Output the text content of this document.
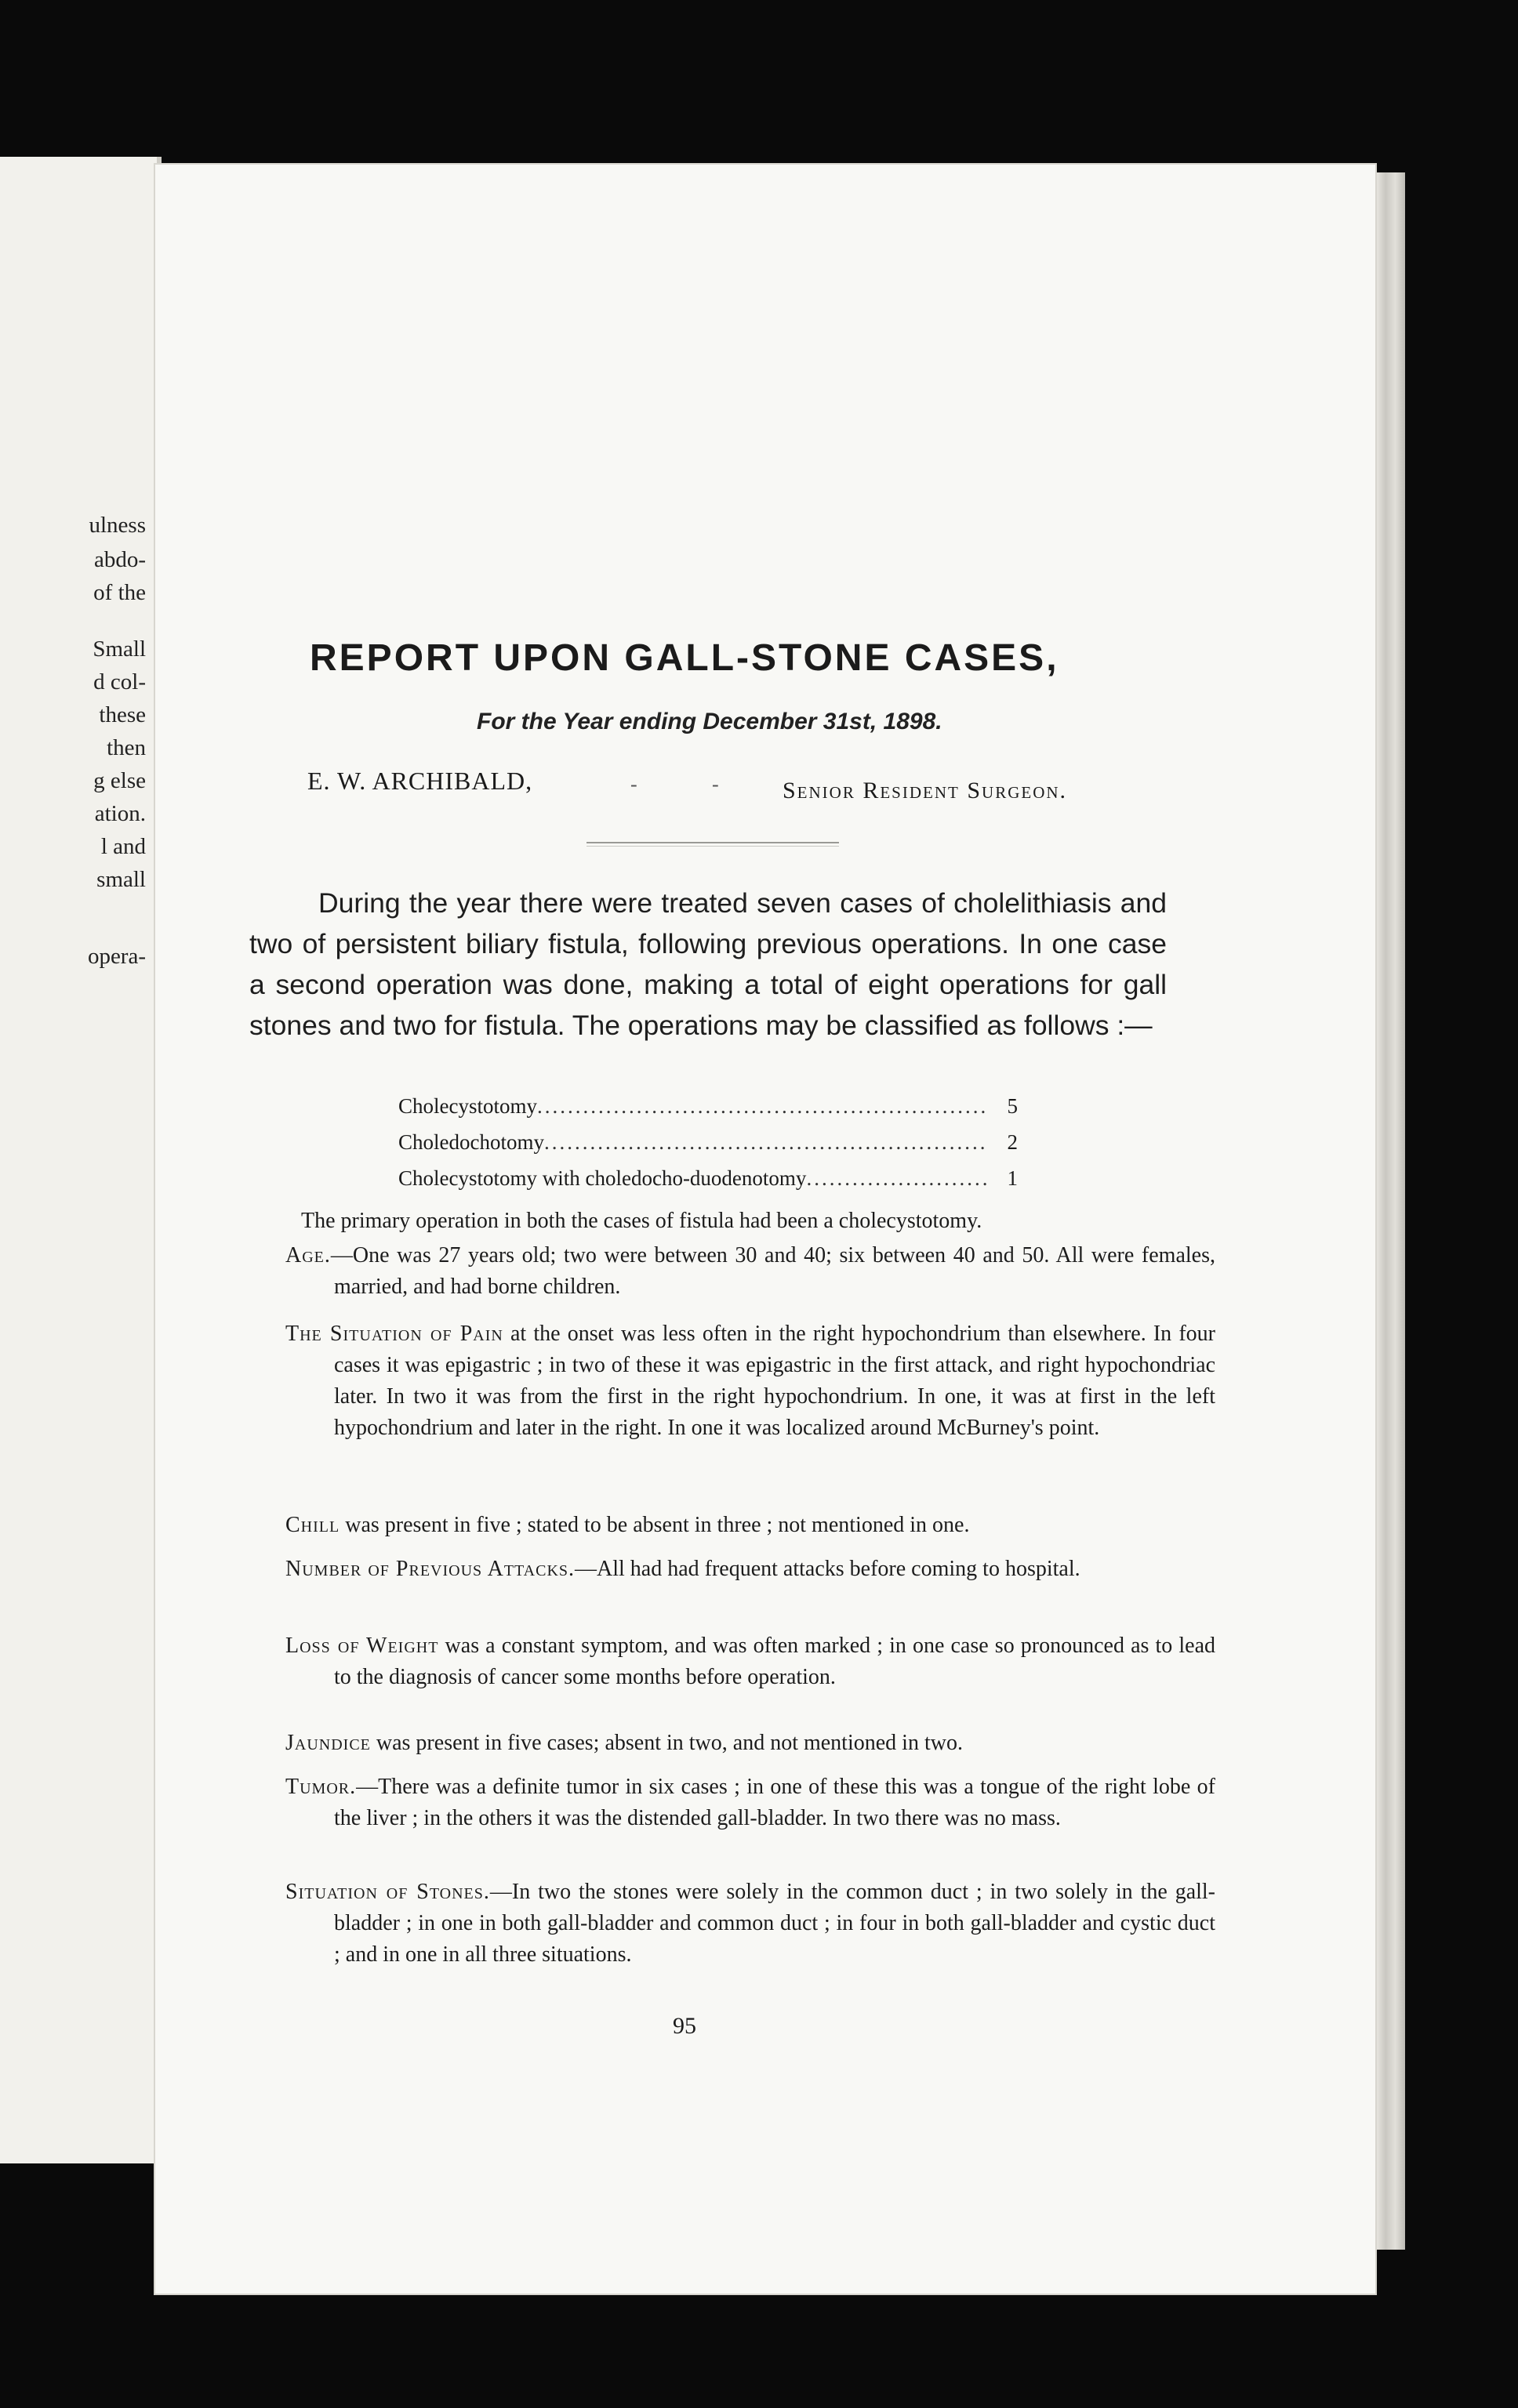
ulness
abdo-
of the
Small
d col-
these
then
g else
ation.
l and
small
opera-
REPORT UPON GALL-STONE CASES,
For the Year ending December 31st, 1898.
E. W. ARCHIBALD,	-	-	Senior Resident Surgeon.
During the year there were treated seven cases of cholelithiasis and two of persistent biliary fistula, following previous operations. In one case a second operation was done, making a total of eight operations for gall stones and two for fistula. The operations may be classified as follows :—
Cholecystotomy .....	5
Choledochotomy .....	2
Cholecystotomy with choledocho-duodenotomy .....	1
The primary operation in both the cases of fistula had been a cholecystotomy.
Age.—One was 27 years old; two were between 30 and 40; six between 40 and 50. All were females, married, and had borne children.
The Situation of Pain at the onset was less often in the right hypochondrium than elsewhere. In four cases it was epigastric ; in two of these it was epigastric in the first attack, and right hypochondriac later. In two it was from the first in the right hypochondrium. In one, it was at first in the left hypochondrium and later in the right. In one it was localized around McBurney's point.
Chill was present in five ; stated to be absent in three ; not mentioned in one.
Number of Previous Attacks.—All had had frequent attacks before coming to hospital.
Loss of Weight was a constant symptom, and was often marked ; in one case so pronounced as to lead to the diagnosis of cancer some months before operation.
Jaundice was present in five cases; absent in two, and not mentioned in two.
Tumor.—There was a definite tumor in six cases ; in one of these this was a tongue of the right lobe of the liver ; in the others it was the distended gall-bladder. In two there was no mass.
Situation of Stones.—In two the stones were solely in the common duct ; in two solely in the gall-bladder ; in one in both gall-bladder and common duct ; in four in both gall-bladder and cystic duct ; and in one in all three situations.
95
